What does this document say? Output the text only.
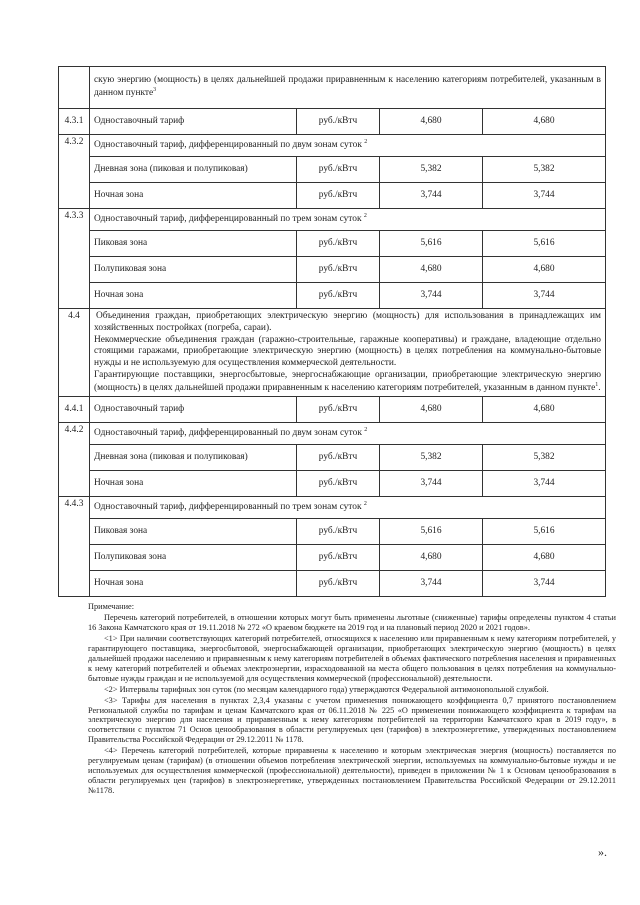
	скую энергию (мощность) в целях дальнейшей продажи приравненным к населению категориям потребителей, указанным в данном пункте$^3$
4.3.1	Одноставочный тариф	руб./кВтч	4,680	4,680
4.3.2	Одноставочный тариф, дифференцированный по двум зонам суток $^2$
	Дневная зона (пиковая и полупиковая)	руб./кВтч	5,382	5,382
	Ночная зона	руб./кВтч	3,744	3,744
4.3.3	Одноставочный тариф, дифференцированный по трем зонам суток $^2$
	Пиковая зона	руб./кВтч	5,616	5,616
	Полупиковая зона	руб./кВтч	4,680	4,680
	Ночная зона	руб./кВтч	3,744	3,744
4.4	Объединения граждан, приобретающих электрическую энергию (мощность) для использования в принадлежащих им хозяйственных постройках (погреба, сараи).
Некоммерческие объединения граждан (гаражно-строительные, гаражные кооперативы) и граждане, владеющие отдельно стоящими гаражами, приобретающие электрическую энергию (мощность) в целях потребления на коммунально-бытовые нужды и не используемую для осуществления коммерческой деятельности.
Гарантирующие поставщики, энергосбытовые, энергоснабжающие организации, приобретающие электрическую энергию (мощность) в целях дальнейшей продажи приравненным к населению категориям потребителей, указанным в данном пункте$^1$.			

4.4.1	Одноставочный тариф	руб./кВтч	4,680	4,680
4.4.2	Одноставочный тариф, дифференцированный по двум зонам суток $^2$
	Дневная зона (пиковая и полупиковая)	руб./кВтч	5,382	5,382
	Ночная зона	руб./кВтч	3,744	3,744
4.4.3	Одноставочный тариф, дифференцированный по трем зонам суток $^2$
	Пиковая зона	руб./кВтч	5,616	5,616
	Полупиковая зона	руб./кВтч	4,680	4,680
	Ночная зона	руб./кВтч	3,744	3,744

Примечание:

Перечень категорий потребителей, в отношении которых могут быть применены льготные (сниженные) тарифы определены пунктом 4 статьи 16 Закона Камчатского края от 19.11.2018 № 272 «О краевом бюджете на 2019 год и на плановый период 2020 и 2021 годов».

<1> При наличии соответствующих категорий потребителей, относящихся к населению или приравненным к нему категориям потребителей, у гарантирующего поставщика, энергосбытовой, энергоснабжающей организации, приобретающих электрическую энергию (мощность) в целях дальнейшей продажи населению и приравненным к нему категориям потребителей в объемах фактического потребления населения и приравненных к нему категорий потребителей и объемах электроэнергии, израсходованной на места общего пользования в целях потребления на коммунально-бытовые нужды граждан и не используемой для осуществления коммерческой (профессиональной) деятельности.

<2> Интервалы тарифных зон суток (по месяцам календарного года) утверждаются Федеральной антимонопольной службой.

<3> Тарифы для населения в пунктах 2,3,4 указаны с учетом применения понижающего коэффициента 0,7 принятого постановлением Региональной службы по тарифам и ценам Камчатского края от 06.11.2018 № 225 «О применении понижающего коэффициента к тарифам на электрическую энергию для населения и приравненным к нему категориям потребителей на территории Камчатского края в 2019 году», в соответствии с пунктом 71 Основ ценообразования в области регулируемых цен (тарифов) в электроэнергетике, утвержденных постановлением Правительства Российской Федерации от 29.12.2011 № 1178.

<4> Перечень категорий потребителей, которые приравнены к населению и которым электрическая энергия (мощность) поставляется по регулируемым ценам (тарифам) (в отношении объемов потребления электрической энергии, используемых на коммунально-бытовые нужды и не используемых для осуществления коммерческой (профессиональной) деятельности), приведен в приложении № 1 к Основам ценообразования в области регулируемых цен (тарифов) в электроэнергетике, утвержденных постановлением Правительства Российской Федерации от 29.12.2011 №1178.

».
